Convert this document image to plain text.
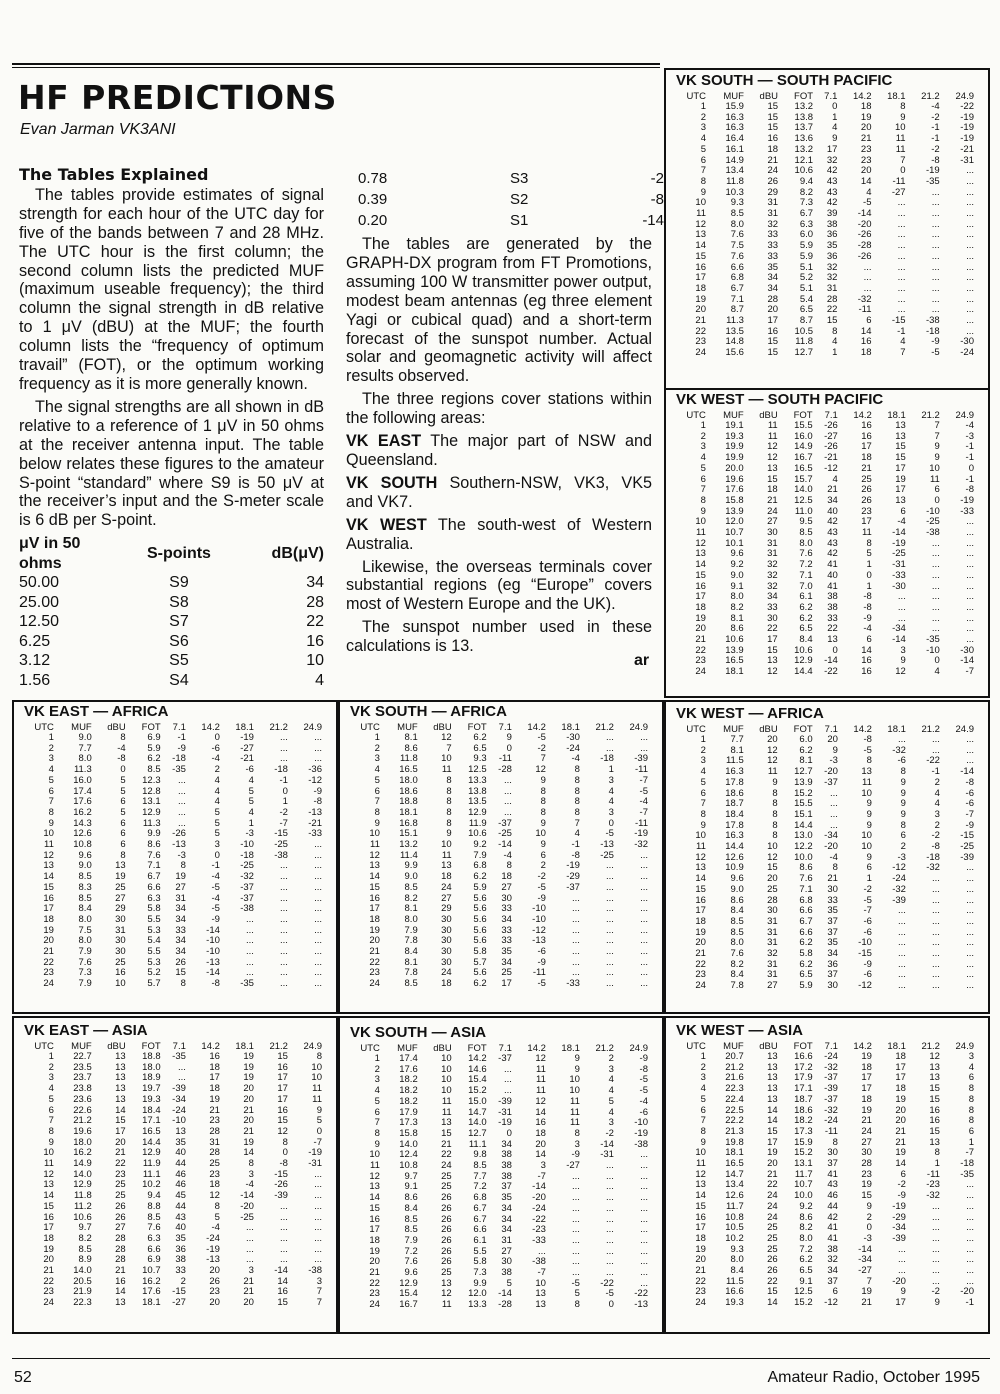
HF PREDICTIONS
Evan Jarman VK3ANI
The Tables Explained

The tables provide estimates of signal strength for each hour of the UTC day for five of the bands between 7 and 28 MHz. The UTC hour is the first column; the second column lists the predicted MUF (maximum useable frequency); the third column the signal strength in dB relative to 1 μV (dBU) at the MUF; the fourth column lists the “frequency of optimum travail” (FOT), or the optimum working frequency as it is more generally known.

The signal strengths are all shown in dB relative to a reference of 1 μV in 50 ohms at the receiver antenna input. The table below relates these figures to the amateur S-point “standard” where S9 is 50 μV at the receiver’s input and the S-meter scale is 6 dB per S-point.

μV in 50 ohms	S-points	dB(μV)
50.00	S9	34
25.00	S8	28
12.50	S7	22
6.25	S6	16
3.12	S5	10
1.56	S4	4
0.78	S3	-2
0.39	S2	-8
0.20	S1	-14

The tables are generated by the GRAPH-DX program from FT Promotions, assuming 100 W transmitter power output, modest beam antennas (eg three element Yagi or cubical quad) and a short-term forecast of the sunspot number. Actual solar and geomagnetic activity will affect results observed.

The three regions cover stations within the following areas:

VK EAST The major part of NSW and Queensland.

VK SOUTH Southern-NSW, VK3, VK5 and VK7.

VK WEST The south-west of Western Australia.

Likewise, the overseas terminals cover substantial regions (eg “Europe” covers most of Western Europe and the UK).

The sunspot number used in these calculations is 13.

ar
VK SOUTH — SOUTH PACIFIC								
UTC	MUF	dBU	FOT	7.1	14.2	18.1	21.2	24.9
1	15.9	15	13.2	0	18	8	-4	-22
2	16.3	15	13.8	1	19	9	-2	-19
3	16.3	15	13.7	4	20	10	-1	-19
4	16.4	16	13.6	9	21	11	-1	-19
5	16.1	18	13.2	17	23	11	-2	-21
6	14.9	21	12.1	32	23	7	-8	-31
7	13.4	24	10.6	42	20	0	-19	...
8	11.8	26	9.4	43	14	-11	-35	...
9	10.3	29	8.2	43	4	-27	...	...
10	9.3	31	7.3	42	-5	...	...	...
11	8.5	31	6.7	39	-14	...	...	...
12	8.0	32	6.3	38	-20	...	...	...
13	7.6	33	6.0	36	-26	...	...	...
14	7.5	33	5.9	35	-28	...	...	...
15	7.6	33	5.9	36	-26	...	...	...
16	6.6	35	5.1	32	...	...	...	...
17	6.8	34	5.2	32	...	...	...	...
18	6.7	34	5.1	31	...	...	...	...
19	7.1	28	5.4	28	-32	...	...	...
20	8.7	20	6.5	22	-11	...	...	...
21	11.3	17	8.7	15	6	-15	-38	...
22	13.5	16	10.5	8	14	-1	-18	...
23	14.8	15	11.8	4	16	4	-9	-30
24	15.6	15	12.7	1	18	7	-5	-24
VK WEST — SOUTH PACIFIC								
UTC	MUF	dBU	FOT	7.1	14.2	18.1	21.2	24.9
1	19.1	11	15.5	-26	16	13	7	-4
2	19.3	11	16.0	-27	16	13	7	-3
3	19.9	12	14.9	-26	17	15	9	-1
4	19.9	12	16.7	-21	18	15	9	-1
5	20.0	13	16.5	-12	21	17	10	0
6	19.6	15	15.7	4	25	19	11	-1
7	17.6	18	14.0	21	26	17	6	-8
8	15.8	21	12.5	34	26	13	0	-19
9	13.9	24	11.0	40	23	6	-10	-33
10	12.0	27	9.5	42	17	-4	-25	...
11	10.7	30	8.5	43	11	-14	-38	...
12	10.1	31	8.0	43	8	-19	...	...
13	9.6	31	7.6	42	5	-25	...	...
14	9.2	32	7.2	41	1	-31	...	...
15	9.0	32	7.1	40	0	-33	...	...
16	9.1	32	7.0	41	1	-30	...	...
17	8.0	34	6.1	38	-8	...	...	...
18	8.2	33	6.2	38	-8	...	...	...
19	8.1	30	6.2	33	-9	...	...	...
20	8.6	22	6.5	22	-4	-34	...	...
21	10.6	17	8.4	13	6	-14	-35	...
22	13.9	15	10.6	0	14	3	-10	-30
23	16.5	13	12.9	-14	16	9	0	-14
24	18.1	12	14.4	-22	16	12	4	-7
VK EAST — AFRICA								
UTC	MUF	dBU	FOT	7.1	14.2	18.1	21.2	24.9
1	9.0	8	6.9	-1	0	-19	...	...
2	7.7	-4	5.9	-9	-6	-27	...	...
3	8.0	-8	6.2	-18	-4	-21	...	...
4	11.3	0	8.5	-35	2	-6	-18	-36
5	16.0	5	12.3	...	4	4	-1	-12
6	17.4	5	12.8	...	4	5	0	-9
7	17.6	6	13.1	...	4	5	1	-8
8	16.2	5	12.9	...	5	4	-2	-13
9	14.3	6	11.3	...	5	1	-7	-21
10	12.6	6	9.9	-26	5	-3	-15	-33
11	10.8	6	8.6	-13	3	-10	-25	...
12	9.6	8	7.6	-3	0	-18	-38	...
13	9.0	13	7.1	8	-1	-25	...	...
14	8.5	19	6.7	19	-4	-32	...	...
15	8.3	25	6.6	27	-5	-37	...	...
16	8.5	27	6.3	31	-4	-37	...	...
17	8.4	29	5.8	34	-5	-38	...	...
18	8.0	30	5.5	34	-9	...	...	...
19	7.5	31	5.3	33	-14	...	...	...
20	8.0	30	5.4	34	-10	...	...	...
21	7.9	30	5.5	34	-10	...	...	...
22	7.6	25	5.3	26	-13	...	...	...
23	7.3	16	5.2	15	-14	...	...	...
24	7.9	10	5.7	8	-8	-35	...	...
VK SOUTH — AFRICA								
UTC	MUF	dBU	FOT	7.1	14.2	18.1	21.2	24.9
1	8.1	12	6.2	9	-5	-30	...	...
2	8.6	7	6.5	0	-2	-24	...	...
3	11.8	10	9.3	-11	7	-4	-18	-39
4	16.5	11	12.5	-28	12	8	1	-11
5	18.0	8	13.3	...	9	8	3	-7
6	18.6	8	13.8	...	8	8	4	-5
7	18.8	8	13.5	...	8	8	4	-4
8	18.1	8	12.9	...	8	8	3	-7
9	16.8	8	11.9	-37	9	7	0	-11
10	15.1	9	10.6	-25	10	4	-5	-19
11	13.2	10	9.2	-14	9	-1	-13	-32
12	11.4	11	7.9	-4	6	-8	-25	...
13	9.9	13	6.8	8	2	-19	...	...
14	9.0	18	6.2	18	-2	-29	...	...
15	8.5	24	5.9	27	-5	-37	...	...
16	8.2	27	5.6	30	-9	...	...	...
17	8.1	29	5.6	33	-10	...	...	...
18	8.0	30	5.6	34	-10	...	...	...
19	7.9	30	5.6	33	-12	...	...	...
20	7.8	30	5.6	33	-13	...	...	...
21	8.4	30	5.8	35	-6	...	...	...
22	8.1	30	5.7	34	-9	...	...	...
23	7.8	24	5.6	25	-11	...	...	...
24	8.5	18	6.2	17	-5	-33	...	...
VK WEST — AFRICA								
UTC	MUF	dBU	FOT	7.1	14.2	18.1	21.2	24.9
1	7.7	20	6.0	20	-8	...	...	...
2	8.1	12	6.2	9	-5	-32	...	...
3	11.5	12	8.1	-3	8	-6	-22	...
4	16.3	11	12.7	-20	13	8	-1	-14
5	17.8	9	13.9	-37	11	9	2	-8
6	18.6	8	15.2	...	10	9	4	-6
7	18.7	8	15.5	...	9	9	4	-6
8	18.4	8	15.1	...	9	9	3	-7
9	17.8	8	14.4	...	9	8	2	-9
10	16.3	8	13.0	-34	10	6	-2	-15
11	14.4	10	12.2	-20	10	2	-8	-25
12	12.6	12	10.0	-4	9	-3	-18	-39
13	10.9	15	8.6	8	6	-12	-32	...
14	9.6	20	7.6	21	1	-24	...	...
15	9.0	25	7.1	30	-2	-32	...	...
16	8.6	28	6.8	33	-5	-39	...	...
17	8.4	30	6.6	35	-7	...	...	...
18	8.5	31	6.7	37	-6	...	...	...
19	8.5	31	6.6	37	-6	...	...	...
20	8.0	31	6.2	35	-10	...	...	...
21	7.6	32	5.8	34	-15	...	...	...
22	8.2	31	6.2	36	-9	...	...	...
23	8.4	31	6.5	37	-6	...	...	...
24	7.8	27	5.9	30	-12	...	...	...
VK EAST — ASIA								
UTC	MUF	dBU	FOT	7.1	14.2	18.1	21.2	24.9
1	22.7	13	18.8	-35	16	19	15	8
2	23.5	13	18.0	...	18	19	16	10
3	23.7	13	18.9	...	17	19	17	10
4	23.8	13	19.7	-39	18	20	17	11
5	23.6	13	19.3	-34	19	20	17	11
6	22.6	14	18.4	-24	21	21	16	9
7	21.2	15	17.1	-10	23	20	15	5
8	19.6	17	16.5	13	28	21	12	0
9	18.0	20	14.4	35	31	19	8	-7
10	16.2	21	12.9	40	28	14	0	-19
11	14.9	22	11.9	44	25	8	-8	-31
12	14.0	23	11.1	46	23	3	-15	...
13	12.9	25	10.2	46	18	-4	-26	...
14	11.8	25	9.4	45	12	-14	-39	...
15	11.2	26	8.8	44	8	-20	...	...
16	10.6	26	8.5	43	5	-25	...	...
17	9.7	27	7.6	40	-4	...	...	...
18	8.2	28	6.3	35	-24	...	...	...
19	8.5	28	6.6	36	-19	...	...	...
20	8.9	28	6.9	38	-13	...	...	...
21	14.0	21	10.7	33	20	3	-14	-38
22	20.5	16	16.2	2	26	21	14	3
23	21.9	14	17.6	-15	23	21	16	7
24	22.3	13	18.1	-27	20	20	15	7
VK SOUTH — ASIA								
UTC	MUF	dBU	FOT	7.1	14.2	18.1	21.2	24.9
1	17.4	10	14.2	-37	12	9	2	-9
2	17.6	10	14.6	...	11	9	3	-8
3	18.2	10	15.4	...	11	10	4	-5
4	18.2	10	15.2	...	11	10	4	-5
5	18.2	11	15.0	-39	12	11	5	-4
6	17.9	11	14.7	-31	14	11	4	-6
7	17.3	13	14.0	-19	16	11	3	-10
8	15.8	15	12.7	0	18	8	-2	-19
9	14.0	21	11.1	34	20	3	-14	-38
10	12.4	22	9.8	38	14	-9	-31	...
11	10.8	24	8.5	38	3	-27	...	...
12	9.7	25	7.7	38	-7	...	...	...
13	9.1	25	7.2	37	-14	...	...	...
14	8.6	26	6.8	35	-20	...	...	...
15	8.4	26	6.7	34	-24	...	...	...
16	8.5	26	6.7	34	-22	...	...	...
17	8.5	26	6.6	34	-23	...	...	...
18	7.9	26	6.1	31	-33	...	...	...
19	7.2	26	5.5	27	...	...	...	...
20	7.6	26	5.8	30	-38	...	...	...
21	9.6	25	7.3	38	-7	...	...	...
22	12.9	13	9.9	5	10	-5	-22	...
23	15.4	12	12.0	-14	13	5	-5	-22
24	16.7	11	13.3	-28	13	8	0	-13
VK WEST — ASIA								
UTC	MUF	dBU	FOT	7.1	14.2	18.1	21.2	24.9
1	20.7	13	16.6	-24	19	18	12	3
2	21.2	13	17.2	-32	18	17	13	4
3	21.6	13	17.9	-37	17	17	13	6
4	22.3	13	17.1	-39	17	18	15	8
5	22.4	13	18.7	-37	18	19	15	8
6	22.5	14	18.6	-32	19	20	16	8
7	22.2	14	18.2	-24	21	20	16	8
8	21.3	15	17.3	-11	24	21	15	6
9	19.8	17	15.9	8	27	21	13	1
10	18.1	19	15.2	30	30	19	8	-7
11	16.5	20	13.1	37	28	14	1	-18
12	14.7	21	11.7	41	23	6	-11	-35
13	13.4	22	10.7	43	19	-2	-23	...
14	12.6	24	10.0	46	15	-9	-32	...
15	11.7	24	9.2	44	9	-19	...	...
16	10.8	24	8.6	42	2	-29	...	...
17	10.5	25	8.2	41	0	-34	...	...
18	10.2	25	8.0	41	-3	-39	...	...
19	9.3	25	7.2	38	-14	...	...	...
20	8.0	26	6.2	32	-34	...	...	...
21	8.4	26	6.5	34	-27	...	...	...
22	11.5	22	9.1	37	7	-20	...	...
23	16.6	15	12.5	6	19	9	-2	-20
24	19.3	14	15.2	-12	21	17	9	-1
52	Amateur Radio, October 1995
